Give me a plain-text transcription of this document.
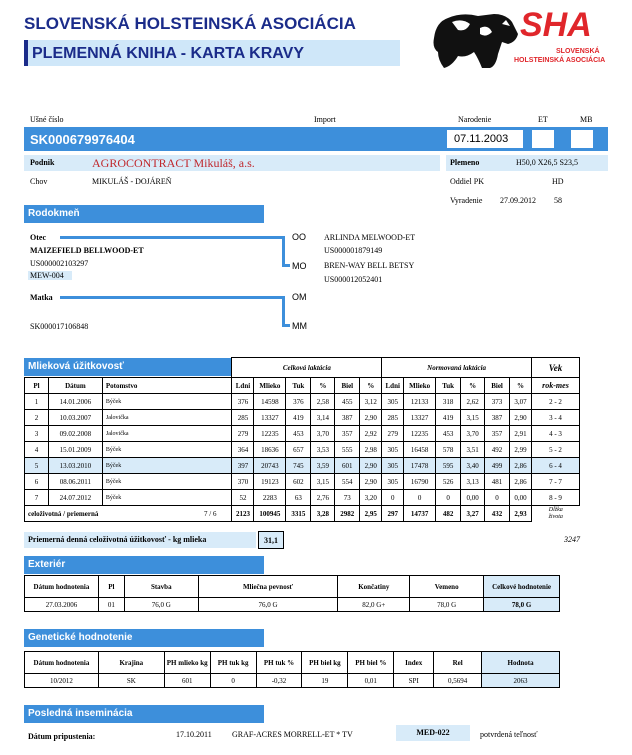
SLOVENSKÁ HOLSTEINSKÁ ASOCIÁCIA
PLEMENNÁ KNIHA - KARTA KRAVY
SHA
SLOVENSKÁ
HOLSTEINSKÁ ASOCIÁCIA
Ušné číslo	Import	Narodenie	ET	MB
SK000679976404	07.11.2003
Podnik	AGROCONTRACT Mikuláš, a.s.
Chov	MIKULÁŠ - DOJÁREŇ
Plemeno	H50,0 X26,5 S23,5
Oddiel PK	HD
Vyradenie 27.09.2012 58
Rodokmeň
Otec
MAIZEFIELD BELLWOOD-ET
US000002103297
MEW-004
OO ARLINDA MELWOOD-ET
US000001879149
MO BREN-WAY BELL BETSY
US000012052401
Matka
SK000017106848
OM
MM
Mlieková úžitkovosť
			Celková laktácia						Normovaná laktácia						Vek
Pl	Dátum	Potomstvo	Ldni	Mlieko	Tuk	%	Biel	%	Ldni	Mlieko	Tuk	%	Biel	%	rok-mes
1	14.01.2006	Býček	376	14598	376	2,58	455	3,12	305	12133	318	2,62	373	3,07	2 - 2
2	10.03.2007	Jalovička	285	13327	419	3,14	387	2,90	285	13327	419	3,15	387	2,90	3 - 4
3	09.02.2008	Jalovička	279	12235	453	3,70	357	2,92	279	12235	453	3,70	357	2,91	4 - 3
4	15.01.2009	Býček	364	18636	657	3,53	555	2,98	305	16458	578	3,51	492	2,99	5 - 2
5	13.03.2010	Býček	397	20743	745	3,59	601	2,90	305	17478	595	3,40	499	2,86	6 - 4
6	08.06.2011	Býček	370	19123	602	3,15	554	2,90	305	16790	526	3,13	481	2,86	7 - 7
7	24.07.2012	Býček	52	2283	63	2,76	73	3,20	0	0	0	0,00	0	0,00	8 - 9
celoživotná / priemerná 7 / 6			2123	100945	3315	3,28	2982	2,95	297	14737	482	3,27	432	2,93	Dĺžka
života
Priemerná denná celoživotná úžitkovosť - kg mlieka	31,1	3247
Exteriér
Dátum hodnotenia	Pl	Stavba	Mliečna pevnosť	Končatiny	Vemeno	Celkové hodnotenie
27.03.2006	01	76,0 G	76,0 G	82,0 G+	78,0 G	78,0 G
Genetické hodnotenie
Dátum hodnotenia	Krajina	PH mlieko kg	PH tuk kg	PH tuk %	PH biel kg	PH biel %	Index	Rel	Hodnota
10/2012	SK	601	0	-0,32	19	0,01	SPI	0,5694	2063
Posledná inseminácia
Dátum pripustenia:	17.10.2011	GRAF-ACRES MORRELL-ET * TV	MED-022	potvrdená teľnosť
